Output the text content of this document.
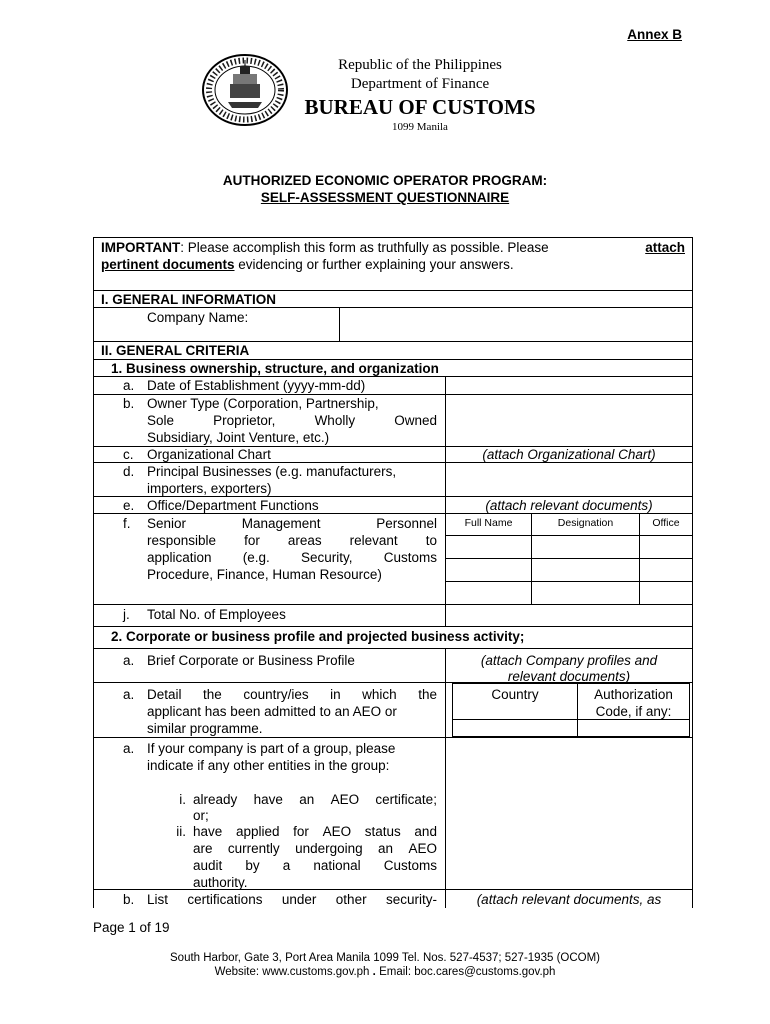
Annex B
Republic of the Philippines
Department of Finance
BUREAU OF CUSTOMS
1099 Manila
AUTHORIZED ECONOMIC OPERATOR PROGRAM:
SELF-ASSESSMENT QUESTIONNAIRE
IMPORTANT: Please accomplish this form as truthfully as possible. Please	attach
pertinent documents evidencing or further explaining your answers.
I. GENERAL INFORMATION
Company Name:
II. GENERAL CRITERIA
1. Business ownership, structure, and organization
a. Date of Establishment (yyyy-mm-dd)
b. Owner Type (Corporation, Partnership,
Sole	Proprietor,	Wholly	Owned
Subsidiary, Joint Venture, etc.)
c. Organizational Chart	(attach Organizational Chart)
d. Principal Businesses (e.g. manufacturers,
importers, exporters)
e. Office/Department Functions	(attach relevant documents)
f. Senior	Management	Personnel
responsible for areas relevant to
application (e.g. Security, Customs
Procedure, Finance, Human Resource)
Full Name	Designation	Office
j. Total No. of Employees
2. Corporate or business profile and projected business activity;
a. Brief Corporate or Business Profile	(attach Company profiles and
relevant documents)
a. Detail the country/ies in which the
applicant has been admitted to an AEO or
similar programme.
Country	Authorization
Code, if any:
a. If your company is part of a group, please
indicate if any other entities in the group:
i. already have an AEO certificate;
or;
ii. have applied for AEO status and
are currently undergoing an AEO
audit by a national Customs
authority.
b. List certifications under other security-	(attach relevant documents, as
Page 1 of 19
South Harbor, Gate 3, Port Area Manila 1099 Tel. Nos. 527-4537; 527-1935 (OCOM)
Website: www.customs.gov.ph . Email: boc.cares@customs.gov.ph
